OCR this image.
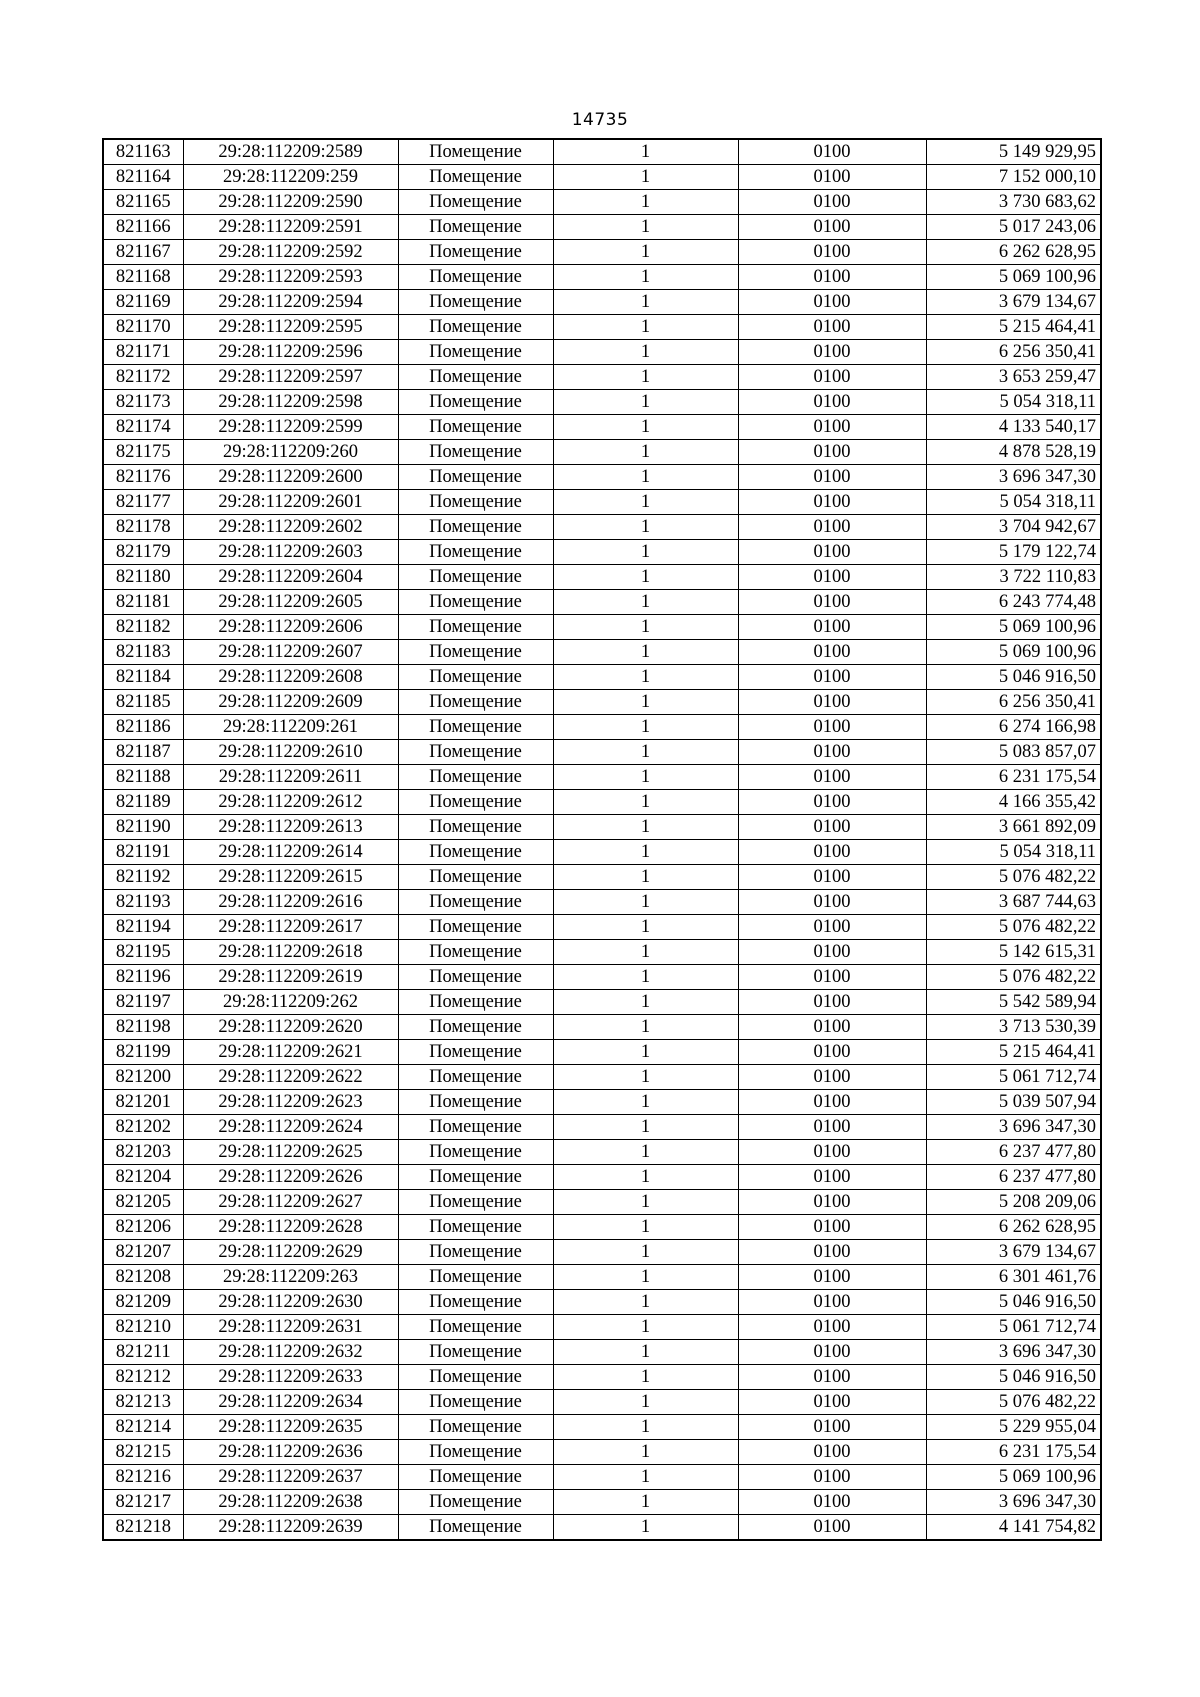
14735
821163	29:28:112209:2589	Помещение	1	0100	5 149 929,95
821164	29:28:112209:259	Помещение	1	0100	7 152 000,10
821165	29:28:112209:2590	Помещение	1	0100	3 730 683,62
821166	29:28:112209:2591	Помещение	1	0100	5 017 243,06
821167	29:28:112209:2592	Помещение	1	0100	6 262 628,95
821168	29:28:112209:2593	Помещение	1	0100	5 069 100,96
821169	29:28:112209:2594	Помещение	1	0100	3 679 134,67
821170	29:28:112209:2595	Помещение	1	0100	5 215 464,41
821171	29:28:112209:2596	Помещение	1	0100	6 256 350,41
821172	29:28:112209:2597	Помещение	1	0100	3 653 259,47
821173	29:28:112209:2598	Помещение	1	0100	5 054 318,11
821174	29:28:112209:2599	Помещение	1	0100	4 133 540,17
821175	29:28:112209:260	Помещение	1	0100	4 878 528,19
821176	29:28:112209:2600	Помещение	1	0100	3 696 347,30
821177	29:28:112209:2601	Помещение	1	0100	5 054 318,11
821178	29:28:112209:2602	Помещение	1	0100	3 704 942,67
821179	29:28:112209:2603	Помещение	1	0100	5 179 122,74
821180	29:28:112209:2604	Помещение	1	0100	3 722 110,83
821181	29:28:112209:2605	Помещение	1	0100	6 243 774,48
821182	29:28:112209:2606	Помещение	1	0100	5 069 100,96
821183	29:28:112209:2607	Помещение	1	0100	5 069 100,96
821184	29:28:112209:2608	Помещение	1	0100	5 046 916,50
821185	29:28:112209:2609	Помещение	1	0100	6 256 350,41
821186	29:28:112209:261	Помещение	1	0100	6 274 166,98
821187	29:28:112209:2610	Помещение	1	0100	5 083 857,07
821188	29:28:112209:2611	Помещение	1	0100	6 231 175,54
821189	29:28:112209:2612	Помещение	1	0100	4 166 355,42
821190	29:28:112209:2613	Помещение	1	0100	3 661 892,09
821191	29:28:112209:2614	Помещение	1	0100	5 054 318,11
821192	29:28:112209:2615	Помещение	1	0100	5 076 482,22
821193	29:28:112209:2616	Помещение	1	0100	3 687 744,63
821194	29:28:112209:2617	Помещение	1	0100	5 076 482,22
821195	29:28:112209:2618	Помещение	1	0100	5 142 615,31
821196	29:28:112209:2619	Помещение	1	0100	5 076 482,22
821197	29:28:112209:262	Помещение	1	0100	5 542 589,94
821198	29:28:112209:2620	Помещение	1	0100	3 713 530,39
821199	29:28:112209:2621	Помещение	1	0100	5 215 464,41
821200	29:28:112209:2622	Помещение	1	0100	5 061 712,74
821201	29:28:112209:2623	Помещение	1	0100	5 039 507,94
821202	29:28:112209:2624	Помещение	1	0100	3 696 347,30
821203	29:28:112209:2625	Помещение	1	0100	6 237 477,80
821204	29:28:112209:2626	Помещение	1	0100	6 237 477,80
821205	29:28:112209:2627	Помещение	1	0100	5 208 209,06
821206	29:28:112209:2628	Помещение	1	0100	6 262 628,95
821207	29:28:112209:2629	Помещение	1	0100	3 679 134,67
821208	29:28:112209:263	Помещение	1	0100	6 301 461,76
821209	29:28:112209:2630	Помещение	1	0100	5 046 916,50
821210	29:28:112209:2631	Помещение	1	0100	5 061 712,74
821211	29:28:112209:2632	Помещение	1	0100	3 696 347,30
821212	29:28:112209:2633	Помещение	1	0100	5 046 916,50
821213	29:28:112209:2634	Помещение	1	0100	5 076 482,22
821214	29:28:112209:2635	Помещение	1	0100	5 229 955,04
821215	29:28:112209:2636	Помещение	1	0100	6 231 175,54
821216	29:28:112209:2637	Помещение	1	0100	5 069 100,96
821217	29:28:112209:2638	Помещение	1	0100	3 696 347,30
821218	29:28:112209:2639	Помещение	1	0100	4 141 754,82
